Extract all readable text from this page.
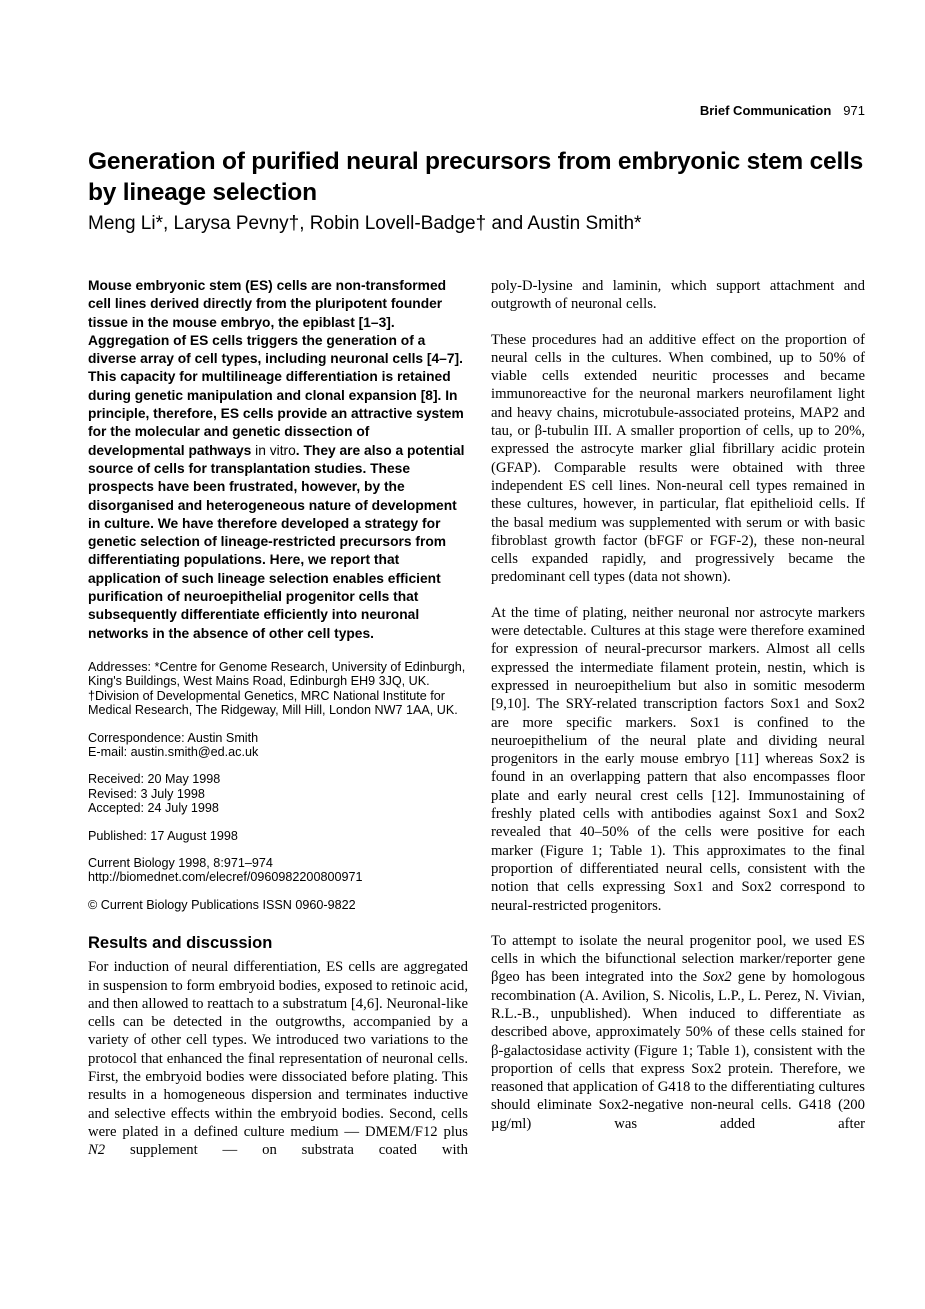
Brief Communication 971
Generation of purified neural precursors from embryonic stem cells by lineage selection
Meng Li*, Larysa Pevny†, Robin Lovell-Badge† and Austin Smith*

Mouse embryonic stem (ES) cells are non-transformed cell lines derived directly from the pluripotent founder tissue in the mouse embryo, the epiblast [1–3]. Aggregation of ES cells triggers the generation of a diverse array of cell types, including neuronal cells [4–7]. This capacity for multilineage differentiation is retained during genetic manipulation and clonal expansion [8]. In principle, therefore, ES cells provide an attractive system for the molecular and genetic dissection of developmental pathways in vitro. They are also a potential source of cells for transplantation studies. These prospects have been frustrated, however, by the disorganised and heterogeneous nature of development in culture. We have therefore developed a strategy for genetic selection of lineage-restricted precursors from differentiating populations. Here, we report that application of such lineage selection enables efficient purification of neuroepithelial progenitor cells that subsequently differentiate efficiently into neuronal networks in the absence of other cell types.

Addresses: *Centre for Genome Research, University of Edinburgh, King's Buildings, West Mains Road, Edinburgh EH9 3JQ, UK. †Division of Developmental Genetics, MRC National Institute for Medical Research, The Ridgeway, Mill Hill, London NW7 1AA, UK.
Correspondence: Austin Smith
E-mail: austin.smith@ed.ac.uk
Received: 20 May 1998
Revised: 3 July 1998
Accepted: 24 July 1998
Published: 17 August 1998
Current Biology 1998, 8:971–974
http://biomednet.com/elecref/0960982200800971
© Current Biology Publications ISSN 0960-9822
Results and discussion

For induction of neural differentiation, ES cells are aggregated in suspension to form embryoid bodies, exposed to retinoic acid, and then allowed to reattach to a substratum [4,6]. Neuronal-like cells can be detected in the outgrowths, accompanied by a variety of other cell types. We introduced two variations to the protocol that enhanced the final representation of neuronal cells. First, the embryoid bodies were dissociated before plating. This results in a homogeneous dispersion and terminates inductive and selective effects within the embryoid bodies. Second, cells were plated in a defined culture medium — DMEM/F12 plus N2 supplement — on substrata coated with

poly-D-lysine and laminin, which support attachment and outgrowth of neuronal cells.

These procedures had an additive effect on the proportion of neural cells in the cultures. When combined, up to 50% of viable cells extended neuritic processes and became immunoreactive for the neuronal markers neurofilament light and heavy chains, microtubule-associated proteins, MAP2 and tau, or β-tubulin III. A smaller proportion of cells, up to 20%, expressed the astrocyte marker glial fibrillary acidic protein (GFAP). Comparable results were obtained with three independent ES cell lines. Non-neural cell types remained in these cultures, however, in particular, flat epithelioid cells. If the basal medium was supplemented with serum or with basic fibroblast growth factor (bFGF or FGF-2), these non-neural cells expanded rapidly, and progressively became the predominant cell types (data not shown).

At the time of plating, neither neuronal nor astrocyte markers were detectable. Cultures at this stage were therefore examined for expression of neural-precursor markers. Almost all cells expressed the intermediate filament protein, nestin, which is expressed in neuroepithelium but also in somitic mesoderm [9,10]. The SRY-related transcription factors Sox1 and Sox2 are more specific markers. Sox1 is confined to the neuroepithelium of the neural plate and dividing neural progenitors in the early mouse embryo [11] whereas Sox2 is found in an overlapping pattern that also encompasses floor plate and early neural crest cells [12]. Immunostaining of freshly plated cells with antibodies against Sox1 and Sox2 revealed that 40–50% of the cells were positive for each marker (Figure 1; Table 1). This approximates to the final proportion of differentiated neural cells, consistent with the notion that cells expressing Sox1 and Sox2 correspond to neural-restricted progenitors.

To attempt to isolate the neural progenitor pool, we used ES cells in which the bifunctional selection marker/reporter gene βgeo has been integrated into the Sox2 gene by homologous recombination (A. Avilion, S. Nicolis, L.P., L. Perez, N. Vivian, R.L.-B., unpublished). When induced to differentiate as described above, approximately 50% of these cells stained for β-galactosidase activity (Figure 1; Table 1), consistent with the proportion of cells that express Sox2 protein. Therefore, we reasoned that application of G418 to the differentiating cultures should eliminate Sox2-negative non-neural cells. G418 (200 µg/ml) was added after
